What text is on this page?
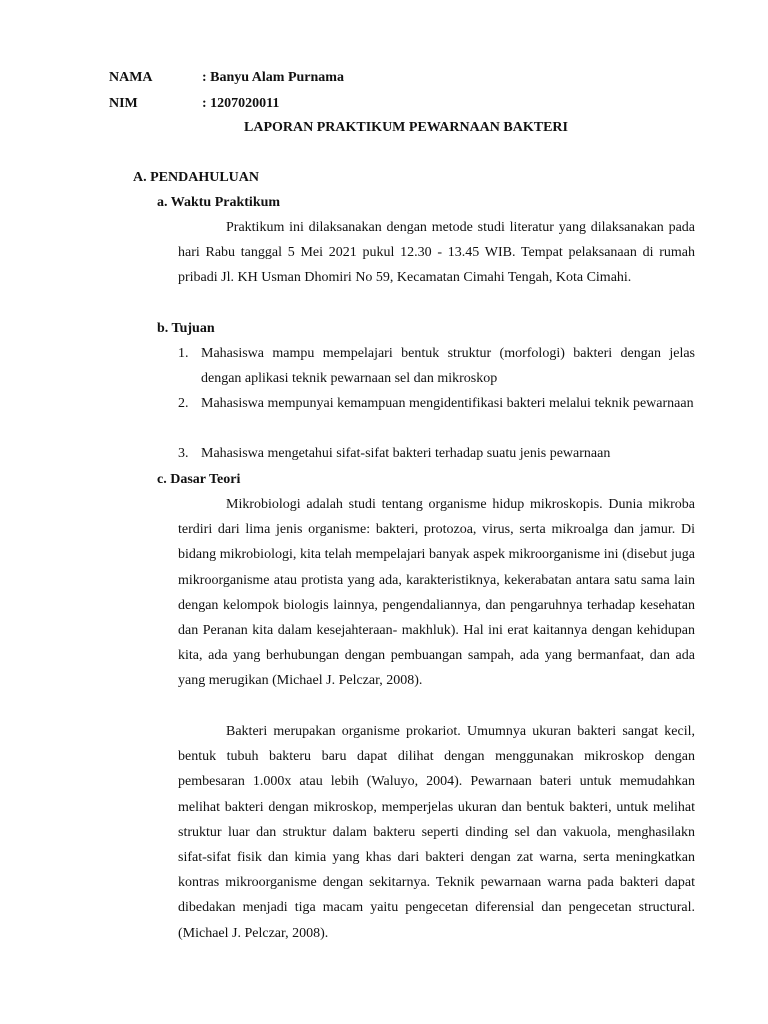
NAMA	: Banyu Alam Purnama
NIM	: 1207020011
LAPORAN PRAKTIKUM PEWARNAAN BAKTERI
A. PENDAHULUAN
a. Waktu Praktikum

Praktikum ini dilaksanakan dengan metode studi literatur yang dilaksanakan pada hari Rabu tanggal 5 Mei 2021 pukul 12.30 - 13.45 WIB. Tempat pelaksanaan di rumah pribadi Jl. KH Usman Dhomiri No 59, Kecamatan Cimahi Tengah, Kota Cimahi.

b. Tujuan
1. Mahasiswa mampu mempelajari bentuk struktur (morfologi) bakteri dengan jelas dengan aplikasi teknik pewarnaan sel dan mikroskop
2. Mahasiswa mempunyai kemampuan mengidentifikasi bakteri melalui teknik pewarnaan
3. Mahasiswa mengetahui sifat-sifat bakteri terhadap suatu jenis pewarnaan
c. Dasar Teori

Mikrobiologi adalah studi tentang organisme hidup mikroskopis. Dunia mikroba terdiri dari lima jenis organisme: bakteri, protozoa, virus, serta mikroalga dan jamur. Di bidang mikrobiologi, kita telah mempelajari banyak aspek mikroorganisme ini (disebut juga mikroorganisme atau protista yang ada, karakteristiknya, kekerabatan antara satu sama lain dengan kelompok biologis lainnya, pengendaliannya, dan pengaruhnya terhadap kesehatan dan Peranan kita dalam kesejahteraan- makhluk). Hal ini erat kaitannya dengan kehidupan kita, ada yang berhubungan dengan pembuangan sampah, ada yang bermanfaat, dan ada yang merugikan (Michael J. Pelczar, 2008).

Bakteri merupakan organisme prokariot. Umumnya ukuran bakteri sangat kecil, bentuk tubuh bakteru baru dapat dilihat dengan menggunakan mikroskop dengan pembesaran 1.000x atau lebih (Waluyo, 2004). Pewarnaan bateri untuk memudahkan melihat bakteri dengan mikroskop, memperjelas ukuran dan bentuk bakteri, untuk melihat struktur luar dan struktur dalam bakteru seperti dinding sel dan vakuola, menghasilakn sifat-sifat fisik dan kimia yang khas dari bakteri dengan zat warna, serta meningkatkan kontras mikroorganisme dengan sekitarnya. Teknik pewarnaan warna pada bakteri dapat dibedakan menjadi tiga macam yaitu pengecetan diferensial dan pengecetan structural. (Michael J. Pelczar, 2008).
